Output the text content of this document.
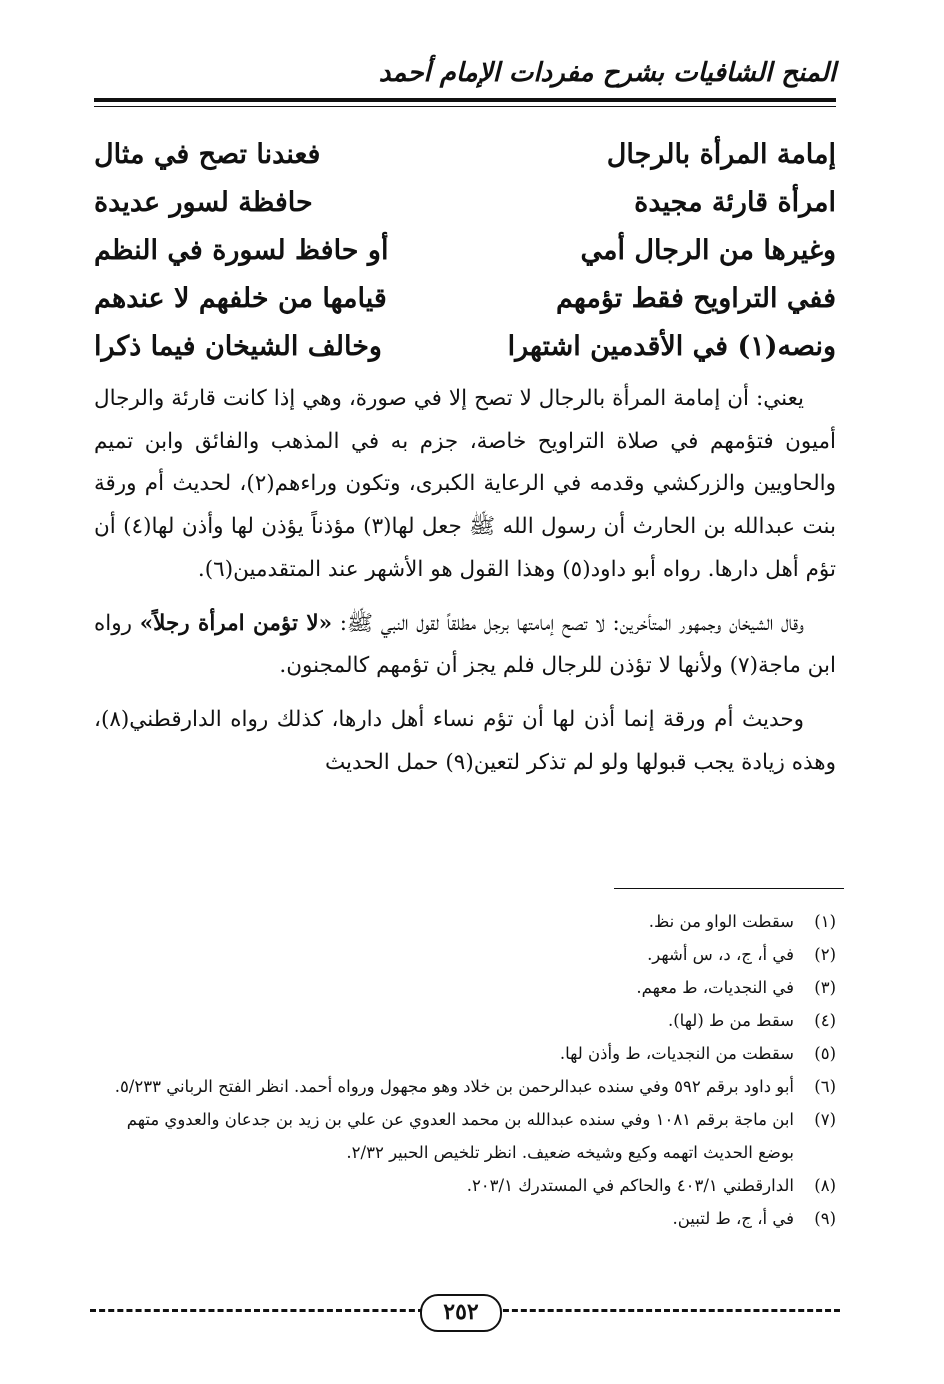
المنح الشافيات بشرح مفردات الإمام أحمد
إمامة المرأة بالرجال
فعندنا تصح في مثال
امرأة قارئة مجيدة
حافظة لسور عديدة
وغيرها من الرجال أمي
أو حافظ لسورة في النظم
ففي التراويح فقط تؤمهم
قيامها من خلفهم لا عندهم
ونصه(١) في الأقدمين اشتهرا
وخالف الشيخان فيما ذكرا

يعني: أن إمامة المرأة بالرجال لا تصح إلا في صورة، وهي إذا كانت قارئة والرجال أميون فتؤمهم في صلاة التراويح خاصة، جزم به في المذهب والفائق وابن تميم والحاويين والزركشي وقدمه في الرعاية الكبرى، وتكون وراءهم(٢)، لحديث أم ورقة بنت عبدالله بن الحارث أن رسول الله ﷺ جعل لها(٣) مؤذناً يؤذن لها وأذن لها(٤) أن تؤم أهل دارها. رواه أبو داود(٥) وهذا القول هو الأشهر عند المتقدمين(٦).

وقال الشيخان وجمهور المتأخرين: لا تصح إمامتها برجل مطلقاً لقول النبي ﷺ: «لا تؤمن امرأة رجلاً» رواه ابن ماجة(٧) ولأنها لا تؤذن للرجال فلم يجز أن تؤمهم كالمجنون.

وحديث أم ورقة إنما أذن لها أن تؤم نساء أهل دارها، كذلك رواه الدارقطني(٨)، وهذه زيادة يجب قبولها ولو لم تذكر لتعين(٩) حمل الحديث

(١)
سقطت الواو من نظ.
(٢)
في أ، ج، د، س أشهر.
(٣)
في النجديات، ط معهم.
(٤)
سقط من ط (لها).
(٥)
سقطت من النجديات، ط وأذن لها.
(٦)
أبو داود برقم ٥٩٢ وفي سنده عبدالرحمن بن خلاد وهو مجهول ورواه أحمد. انظر الفتح الرباني ٥/٢٣٣.
(٧)
ابن ماجة برقم ١٠٨١ وفي سنده عبدالله بن محمد العدوي عن علي بن زيد بن جدعان والعدوي متهم بوضع الحديث اتهمه وكيع وشيخه ضعيف. انظر تلخيص الحبير ٢/٣٢.
(٨)
الدارقطني ٤٠٣/١ والحاكم في المستدرك ٢٠٣/١.
(٩)
في أ، ج، ط لتبين.
٢٥٢
